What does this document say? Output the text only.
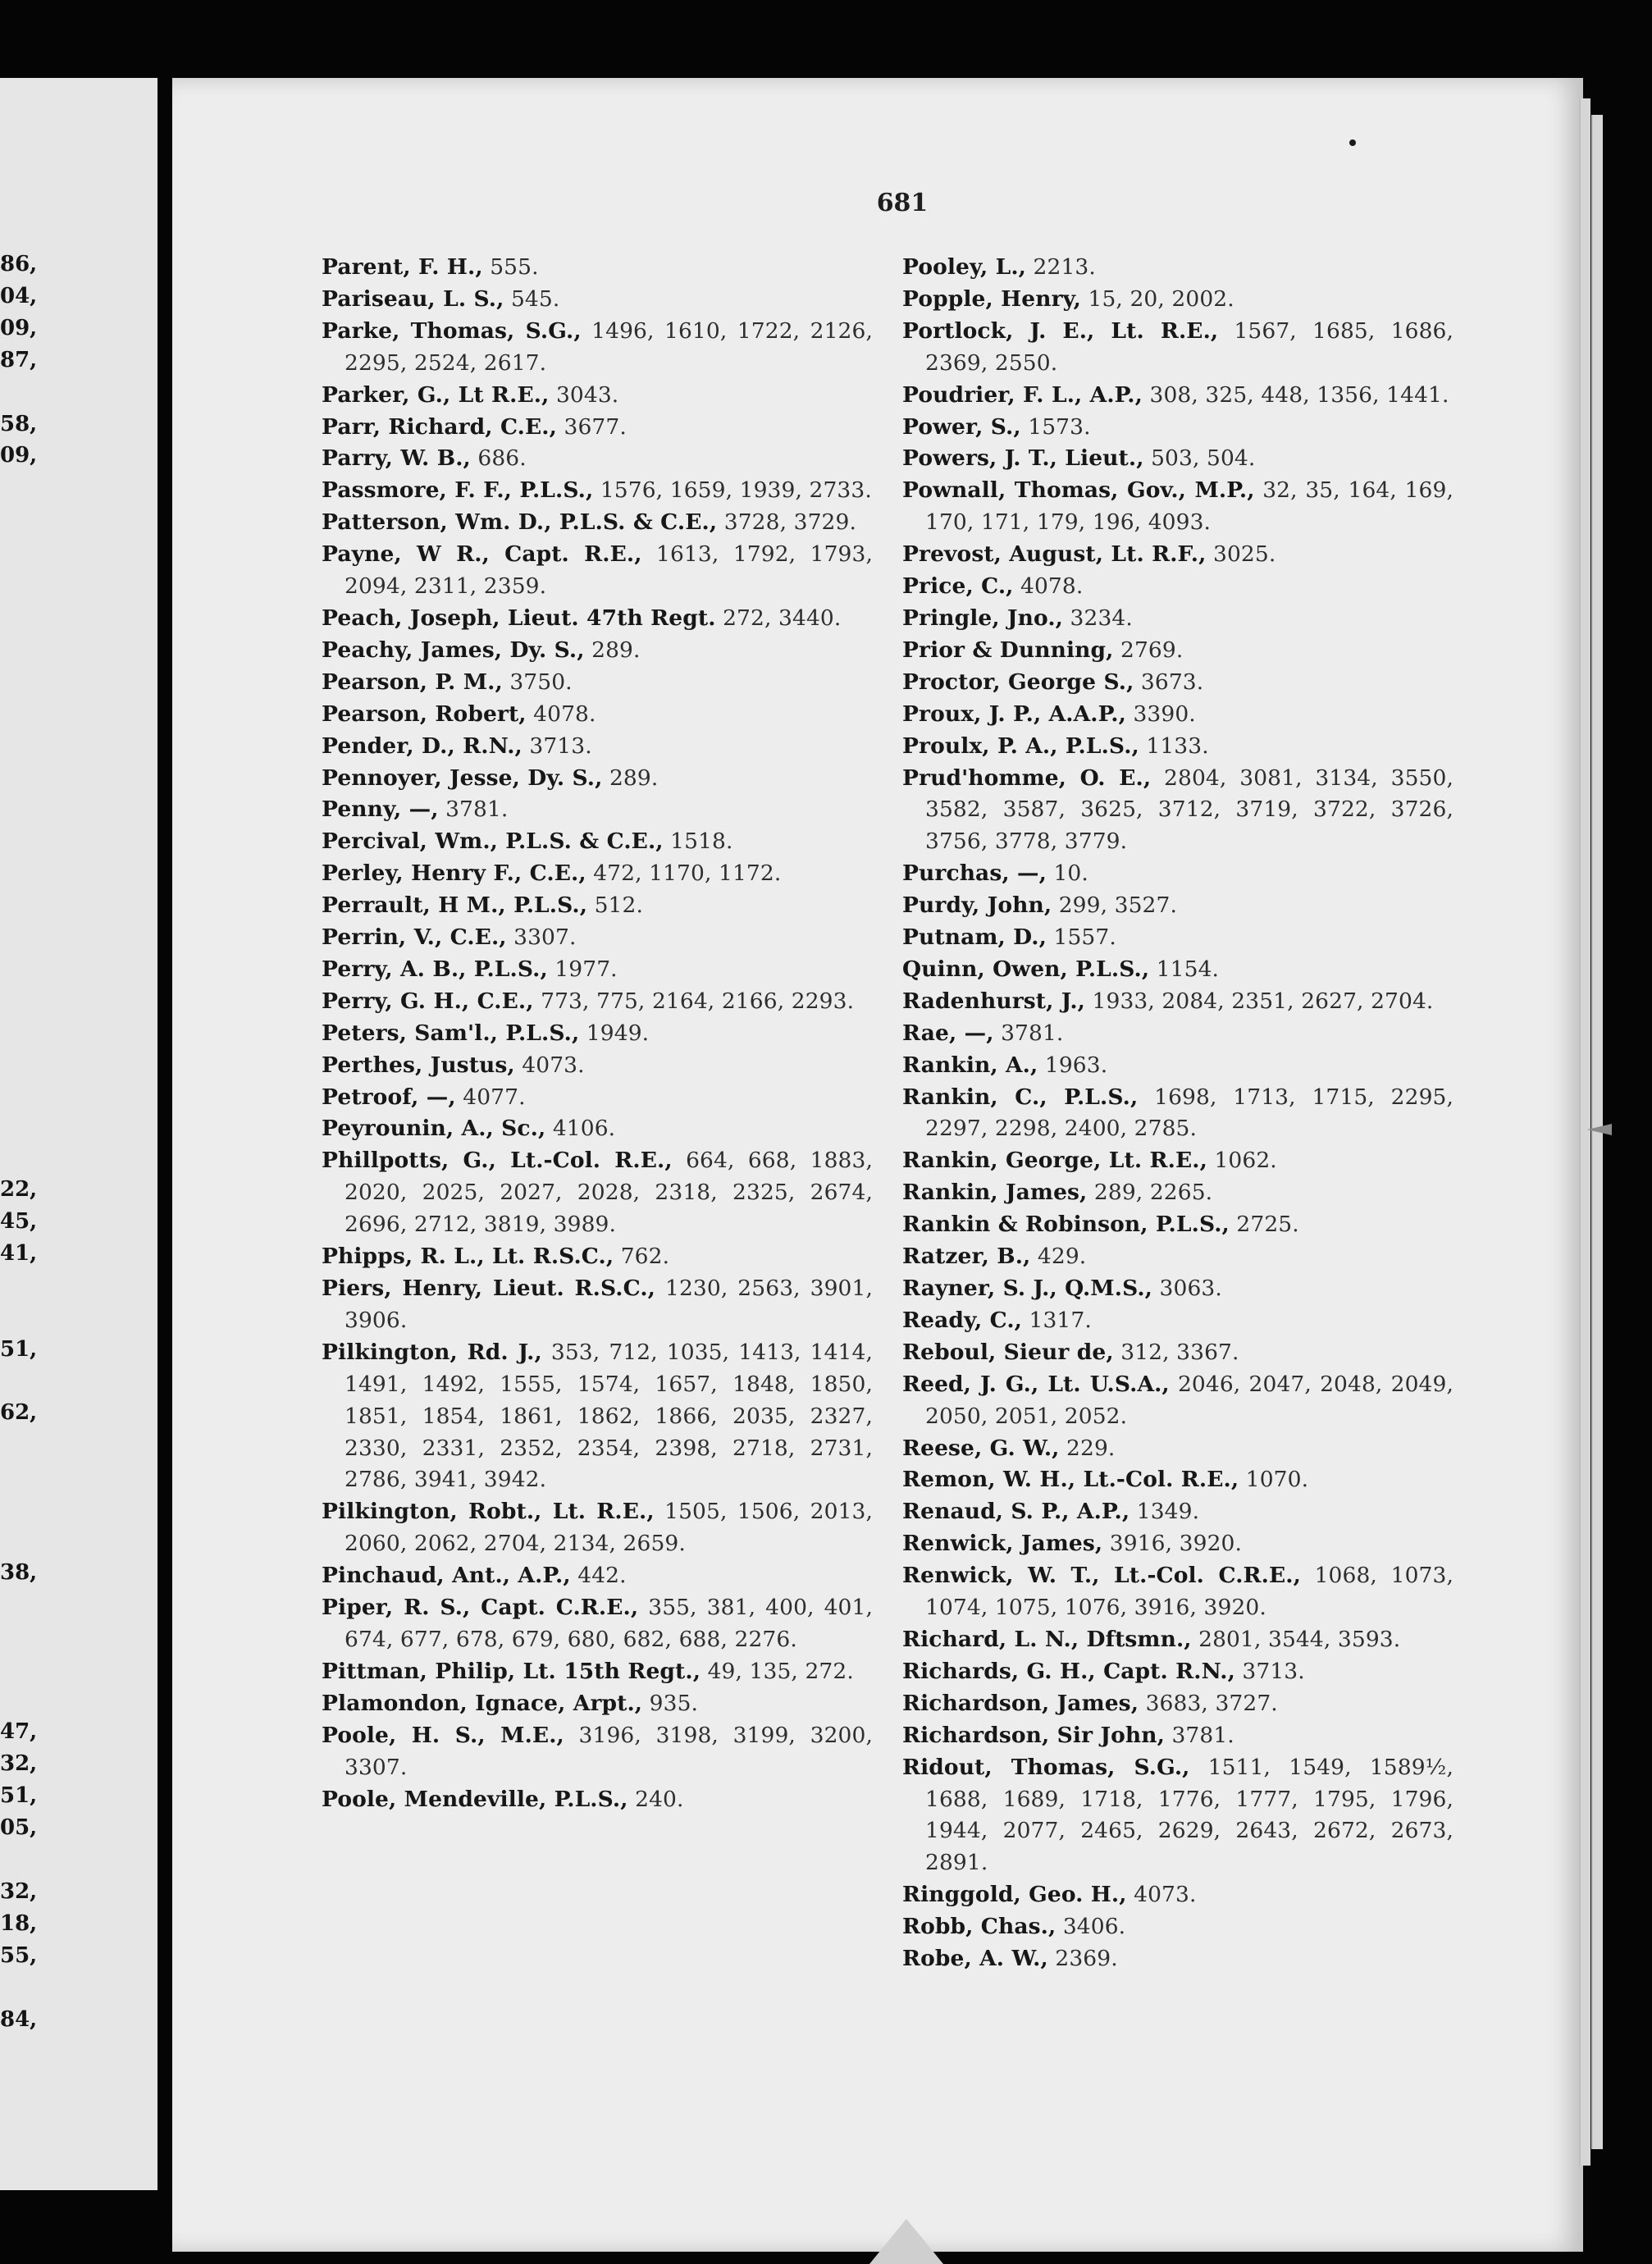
86,
04,
09,
87,
58,
09,
22,
45,
41,
51,
62,
38,
47,
32,
51,
05,
32,
18,
55,
84,
681
Parent, F. H., 555.
Pariseau, L. S., 545.
Parke, Thomas, S.G., 1496, 1610, 1722, 2126, 2295, 2524, 2617.
Parker, G., Lt R.E., 3043.
Parr, Richard, C.E., 3677.
Parry, W. B., 686.
Passmore, F. F., P.L.S., 1576, 1659, 1939, 2733.
Patterson, Wm. D., P.L.S. & C.E., 3728, 3729.
Payne, W R., Capt. R.E., 1613, 1792, 1793, 2094, 2311, 2359.
Peach, Joseph, Lieut. 47th Regt. 272, 3440.
Peachy, James, Dy. S., 289.
Pearson, P. M., 3750.
Pearson, Robert, 4078.
Pender, D., R.N., 3713.
Pennoyer, Jesse, Dy. S., 289.
Penny, —, 3781.
Percival, Wm., P.L.S. & C.E., 1518.
Perley, Henry F., C.E., 472, 1170, 1172.
Perrault, H M., P.L.S., 512.
Perrin, V., C.E., 3307.
Perry, A. B., P.L.S., 1977.
Perry, G. H., C.E., 773, 775, 2164, 2166, 2293.
Peters, Sam'l., P.L.S., 1949.
Perthes, Justus, 4073.
Petroof, —, 4077.
Peyrounin, A., Sc., 4106.
Phillpotts, G., Lt.-Col. R.E., 664, 668, 1883, 2020, 2025, 2027, 2028, 2318, 2325, 2674, 2696, 2712, 3819, 3989.
Phipps, R. L., Lt. R.S.C., 762.
Piers, Henry, Lieut. R.S.C., 1230, 2563, 3901, 3906.
Pilkington, Rd. J., 353, 712, 1035, 1413, 1414, 1491, 1492, 1555, 1574, 1657, 1848, 1850, 1851, 1854, 1861, 1862, 1866, 2035, 2327, 2330, 2331, 2352, 2354, 2398, 2718, 2731, 2786, 3941, 3942.
Pilkington, Robt., Lt. R.E., 1505, 1506, 2013, 2060, 2062, 2704, 2134, 2659.
Pinchaud, Ant., A.P., 442.
Piper, R. S., Capt. C.R.E., 355, 381, 400, 401, 674, 677, 678, 679, 680, 682, 688, 2276.
Pittman, Philip, Lt. 15th Regt., 49, 135, 272.
Plamondon, Ignace, Arpt., 935.
Poole, H. S., M.E., 3196, 3198, 3199, 3200, 3307.
Poole, Mendeville, P.L.S., 240.
Pooley, L., 2213.
Popple, Henry, 15, 20, 2002.
Portlock, J. E., Lt. R.E., 1567, 1685, 1686, 2369, 2550.
Poudrier, F. L., A.P., 308, 325, 448, 1356, 1441.
Power, S., 1573.
Powers, J. T., Lieut., 503, 504.
Pownall, Thomas, Gov., M.P., 32, 35, 164, 169, 170, 171, 179, 196, 4093.
Prevost, August, Lt. R.F., 3025.
Price, C., 4078.
Pringle, Jno., 3234.
Prior & Dunning, 2769.
Proctor, George S., 3673.
Proux, J. P., A.A.P., 3390.
Proulx, P. A., P.L.S., 1133.
Prud'homme, O. E., 2804, 3081, 3134, 3550, 3582, 3587, 3625, 3712, 3719, 3722, 3726, 3756, 3778, 3779.
Purchas, —, 10.
Purdy, John, 299, 3527.
Putnam, D., 1557.
Quinn, Owen, P.L.S., 1154.
Radenhurst, J., 1933, 2084, 2351, 2627, 2704.
Rae, —, 3781.
Rankin, A., 1963.
Rankin, C., P.L.S., 1698, 1713, 1715, 2295, 2297, 2298, 2400, 2785.
Rankin, George, Lt. R.E., 1062.
Rankin, James, 289, 2265.
Rankin & Robinson, P.L.S., 2725.
Ratzer, B., 429.
Rayner, S. J., Q.M.S., 3063.
Ready, C., 1317.
Reboul, Sieur de, 312, 3367.
Reed, J. G., Lt. U.S.A., 2046, 2047, 2048, 2049, 2050, 2051, 2052.
Reese, G. W., 229.
Remon, W. H., Lt.-Col. R.E., 1070.
Renaud, S. P., A.P., 1349.
Renwick, James, 3916, 3920.
Renwick, W. T., Lt.-Col. C.R.E., 1068, 1073, 1074, 1075, 1076, 3916, 3920.
Richard, L. N., Dftsmn., 2801, 3544, 3593.
Richards, G. H., Capt. R.N., 3713.
Richardson, James, 3683, 3727.
Richardson, Sir John, 3781.
Ridout, Thomas, S.G., 1511, 1549, 1589½, 1688, 1689, 1718, 1776, 1777, 1795, 1796, 1944, 2077, 2465, 2629, 2643, 2672, 2673, 2891.
Ringgold, Geo. H., 4073.
Robb, Chas., 3406.
Robe, A. W., 2369.
